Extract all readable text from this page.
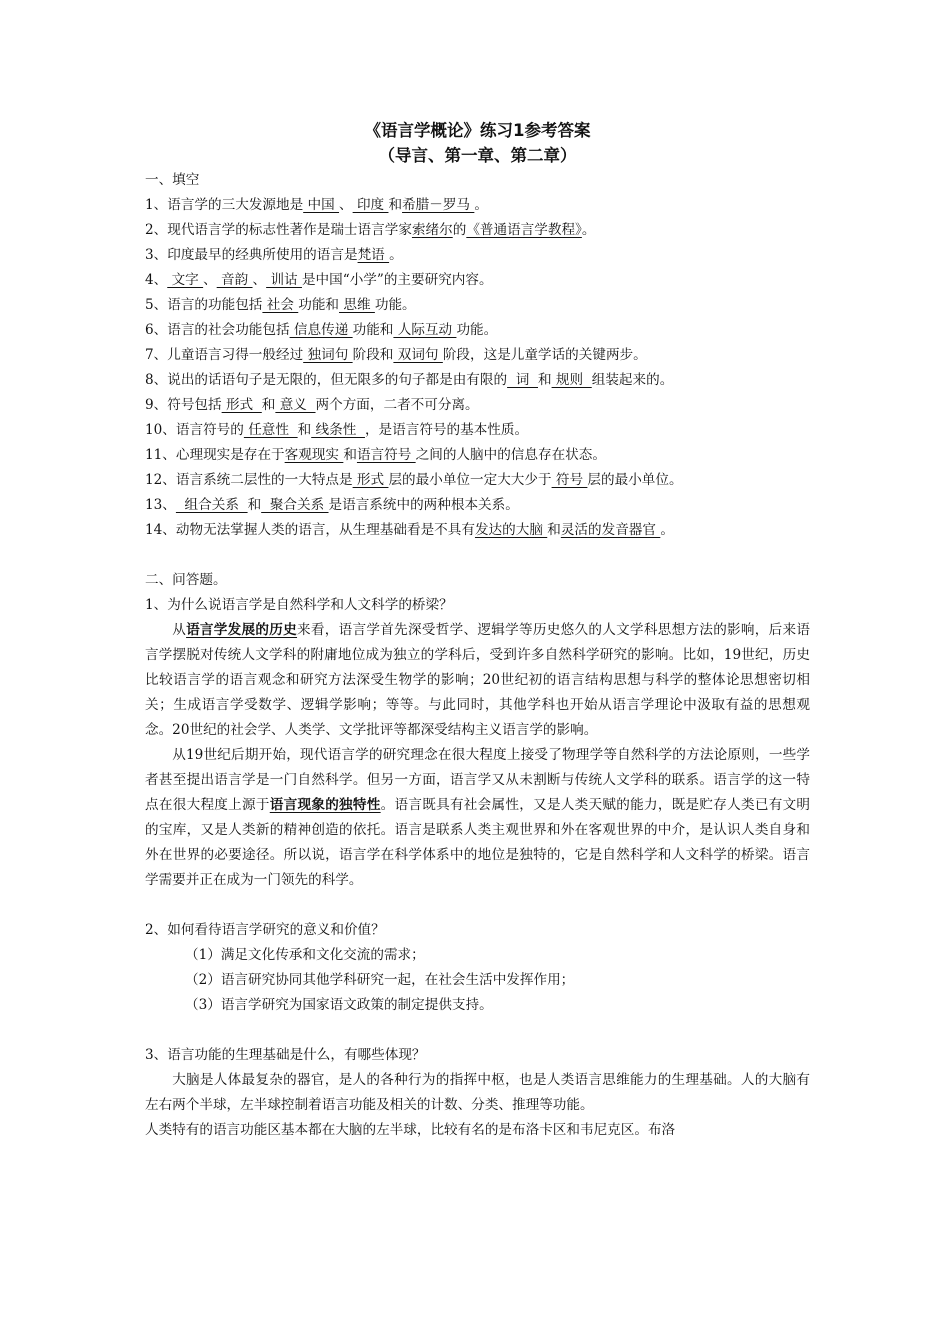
《语言学概论》练习1参考答案
（导言、第一章、第二章）
一、填空
1、语言学的三大发源地是 中国 、 印度 和希腊－罗马 。
2、现代语言学的标志性著作是瑞士语言学家索绪尔的《普通语言学教程》。
3、印度最早的经典所使用的语言是梵语 。
4、 文字 、 音韵 、 训诂 是中国“小学”的主要研究内容。
5、语言的功能包括 社会 功能和 思维 功能。
6、语言的社会功能包括 信息传递 功能和 人际互动 功能。
7、儿童语言习得一般经过 独词句 阶段和 双词句 阶段，这是儿童学话的关键两步。
8、说出的话语句子是无限的，但无限多的句子都是由有限的  词  和 规则  组装起来的。
9、符号包括 形式  和 意义  两个方面，二者不可分离。
10、语言符号的 任意性  和 线条性  ，是语言符号的基本性质。
11、心理现实是存在于客观现实 和语言符号 之间的人脑中的信息存在状态。
12、语言系统二层性的一大特点是 形式 层的最小单位一定大大少于 符号 层的最小单位。
13、  组合关系  和  聚合关系 是语言系统中的两种根本关系。
14、动物无法掌握人类的语言，从生理基础看是不具有发达的大脑 和灵活的发音器官 。
二、问答题。
1、为什么说语言学是自然科学和人文科学的桥梁？
从语言学发展的历史来看，语言学首先深受哲学、逻辑学等历史悠久的人文学科思想方法的影响，后来语言学摆脱对传统人文学科的附庸地位成为独立的学科后，受到许多自然科学研究的影响。比如，19世纪，历史比较语言学的语言观念和研究方法深受生物学的影响；20世纪初的语言结构思想与科学的整体论思想密切相关；生成语言学受数学、逻辑学影响；等等。与此同时，其他学科也开始从语言学理论中汲取有益的思想观念。20世纪的社会学、人类学、文学批评等都深受结构主义语言学的影响。
从19世纪后期开始，现代语言学的研究理念在很大程度上接受了物理学等自然科学的方法论原则，一些学者甚至提出语言学是一门自然科学。但另一方面，语言学又从未割断与传统人文学科的联系。语言学的这一特点在很大程度上源于语言现象的独特性。语言既具有社会属性，又是人类天赋的能力，既是贮存人类已有文明的宝库，又是人类新的精神创造的依托。语言是联系人类主观世界和外在客观世界的中介，是认识人类自身和外在世界的必要途径。所以说，语言学在科学体系中的地位是独特的，它是自然科学和人文科学的桥梁。语言学需要并正在成为一门领先的科学。
2、如何看待语言学研究的意义和价值？
（1）满足文化传承和文化交流的需求；
（2）语言研究协同其他学科研究一起，在社会生活中发挥作用；
（3）语言学研究为国家语文政策的制定提供支持。
3、语言功能的生理基础是什么，有哪些体现？
大脑是人体最复杂的器官，是人的各种行为的指挥中枢，也是人类语言思维能力的生理基础。人的大脑有左右两个半球，左半球控制着语言功能及相关的计数、分类、推理等功能。
人类特有的语言功能区基本都在大脑的左半球，比较有名的是布洛卡区和韦尼克区。布洛
